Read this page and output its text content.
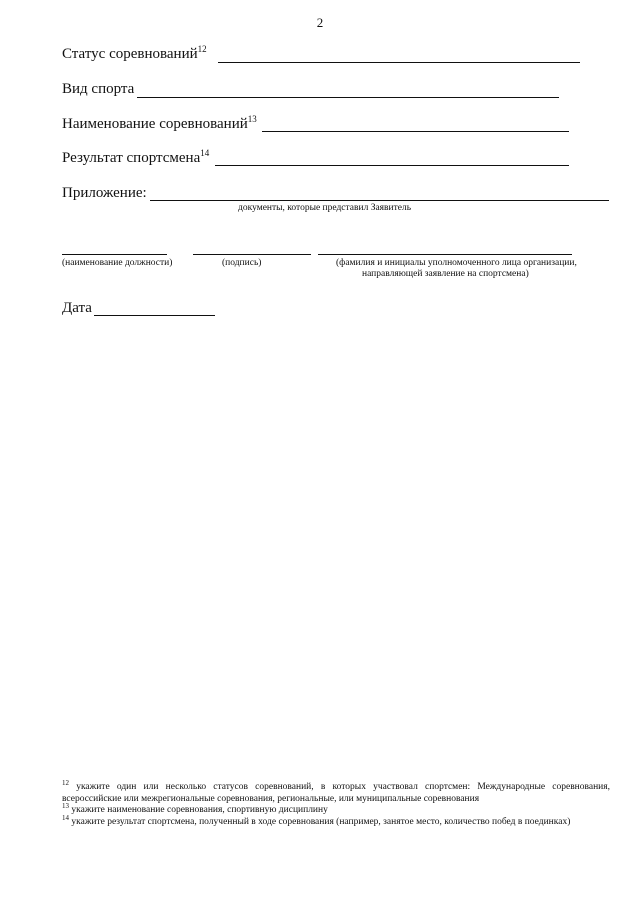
2
Статус соревнований$^{12}$
Вид спорта
Наименование соревнований$^{13}$
Результат спортсмена$^{14}$
Приложение:
документы, которые представил Заявитель
(наименование должности)	(подпись)	(фамилия и инициалы уполномоченного лица организации,
направляющей заявление на спортсмена)
Дата

$^{12}$ укажите один или несколько статусов соревнований, в которых участвовал спортсмен: Международные соревнования, всероссийские или межрегиональные соревнования, региональные, или муниципальные соревнования

$^{13}$ укажите наименование соревнования, спортивную дисциплину

$^{14}$ укажите результат спортсмена, полученный в ходе соревнования (например, занятое место, количество побед в поединках)
